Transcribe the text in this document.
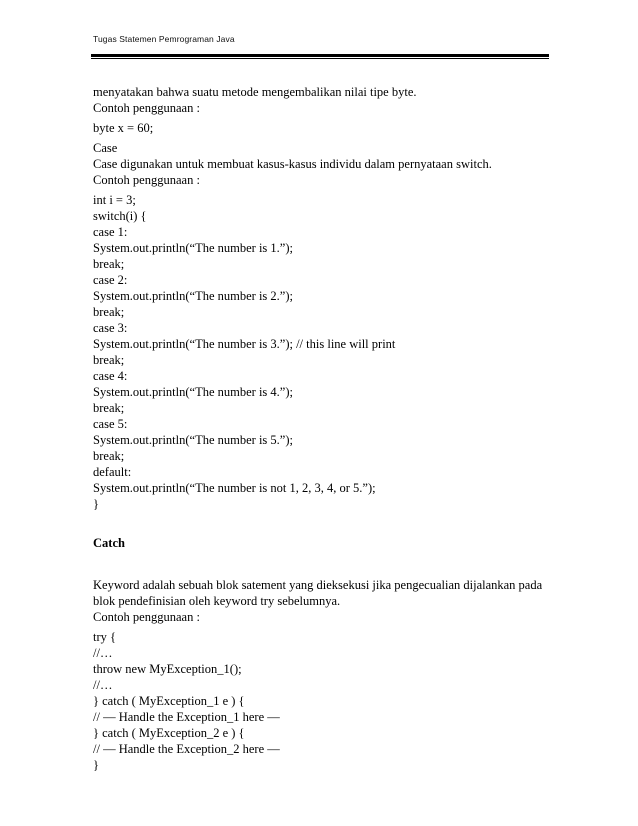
Tugas Statemen Pemrograman Java
menyatakan bahwa suatu metode mengembalikan nilai tipe byte.
Contoh penggunaan :
byte x = 60;
Case
Case digunakan untuk membuat kasus-kasus individu dalam pernyataan switch.
Contoh penggunaan :
int i = 3;
switch(i) {
case 1:
System.out.println(“The number is 1.”);
break;
case 2:
System.out.println(“The number is 2.”);
break;
case 3:
System.out.println(“The number is 3.”); // this line will print
break;
case 4:
System.out.println(“The number is 4.”);
break;
case 5:
System.out.println(“The number is 5.”);
break;
default:
System.out.println(“The number is not 1, 2, 3, 4, or 5.”);
}
Catch
Keyword adalah sebuah blok satement yang dieksekusi jika pengecualian dijalankan pada
blok pendefinisian oleh keyword try sebelumnya.
Contoh penggunaan :
try {
//…
throw new MyException_1();
//…
} catch ( MyException_1 e ) {
// — Handle the Exception_1 here —
} catch ( MyException_2 e ) {
// — Handle the Exception_2 here —
}
